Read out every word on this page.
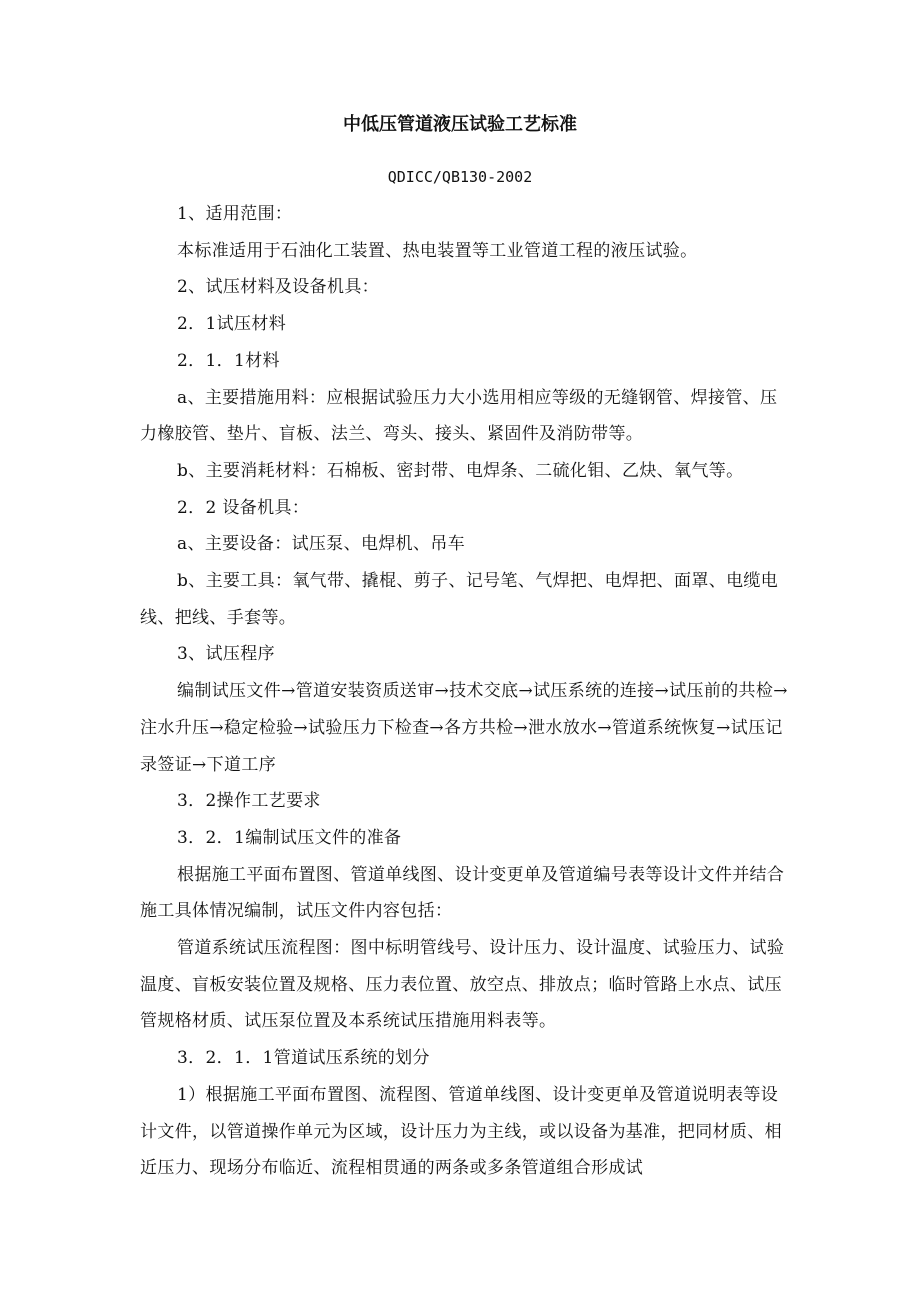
中低压管道液压试验工艺标准
QDICC/QB130-2002

1、适用范围：

本标准适用于石油化工装置、热电装置等工业管道工程的液压试验。

2、试压材料及设备机具：

2．1试压材料

2．1．1材料

a、主要措施用料：应根据试验压力大小选用相应等级的无缝钢管、焊接管、压力橡胶管、垫片、盲板、法兰、弯头、接头、紧固件及消防带等。

b、主要消耗材料：石棉板、密封带、电焊条、二硫化钼、乙炔、氧气等。

2．2 设备机具：

a、主要设备：试压泵、电焊机、吊车

b、主要工具：氧气带、撬棍、剪子、记号笔、气焊把、电焊把、面罩、电缆电线、把线、手套等。

3、试压程序

编制试压文件→管道安装资质送审→技术交底→试压系统的连接→试压前的共检→注水升压→稳定检验→试验压力下检查→各方共检→泄水放水→管道系统恢复→试压记录签证→下道工序

3．2操作工艺要求

3．2．1编制试压文件的准备

根据施工平面布置图、管道单线图、设计变更单及管道编号表等设计文件并结合施工具体情况编制，试压文件内容包括：

管道系统试压流程图：图中标明管线号、设计压力、设计温度、试验压力、试验温度、盲板安装位置及规格、压力表位置、放空点、排放点；临时管路上水点、试压管规格材质、试压泵位置及本系统试压措施用料表等。

3．2．1．1管道试压系统的划分

1）根据施工平面布置图、流程图、管道单线图、设计变更单及管道说明表等设计文件，以管道操作单元为区域，设计压力为主线，或以设备为基准，把同材质、相近压力、现场分布临近、流程相贯通的两条或多条管道组合形成试
